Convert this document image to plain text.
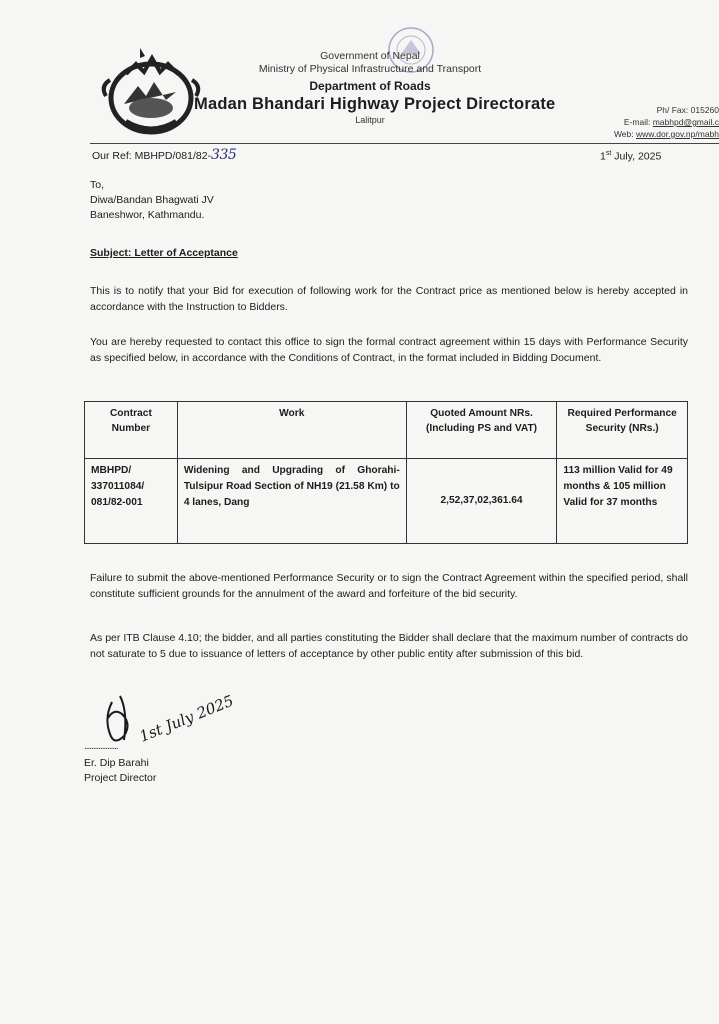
Government of Nepal
Ministry of Physical Infrastructure and Transport
Department of Roads
Madan Bhandari Highway Project Directorate
Lalitpur
Ph/ Fax: 015260
E-mail: mabhpd@gmail.c
Web: www.dor.gov.np/mabh
Our Ref: MBHPD/081/82-335	1st July, 2025
To,
Diwa/Bandan Bhagwati JV
Baneshwor, Kathmandu.
Subject: Letter of Acceptance
This is to notify that your Bid for execution of following work for the Contract price as mentioned below is hereby accepted in accordance with the Instruction to Bidders.
You are hereby requested to contact this office to sign the formal contract agreement within 15 days with Performance Security as specified below, in accordance with the Conditions of Contract, in the format included in Bidding Document.
Contract Number	Work	Quoted Amount NRs. (Including PS and VAT)	Required Performance Security (NRs.)
MBHPD/ 337011084/ 081/82-001	Widening and Upgrading of Ghorahi-Tulsipur Road Section of NH19 (21.58 Km) to 4 lanes, Dang	2,52,37,02,361.64	113 million Valid for 49 months & 105 million Valid for 37 months
Failure to submit the above-mentioned Performance Security or to sign the Contract Agreement within the specified period, shall constitute sufficient grounds for the annulment of the award and forfeiture of the bid security.
As per ITB Clause 4.10; the bidder, and all parties constituting the Bidder shall declare that the maximum number of contracts do not saturate to 5 due to issuance of letters of acceptance by other public entity after submission of this bid.
1st July 2025
...................
Er. Dip Barahi
Project Director
